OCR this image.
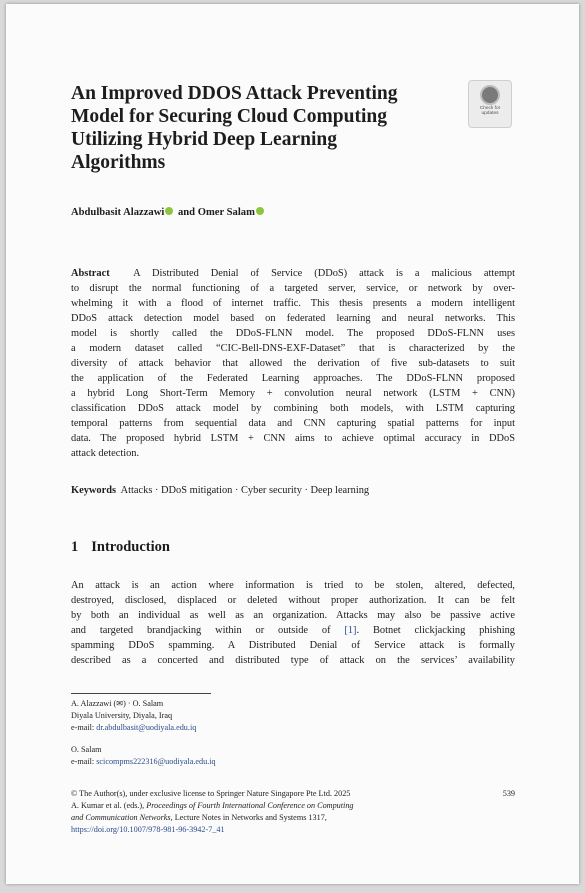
An Improved DDOS Attack Preventing
Model for Securing Cloud Computing
Utilizing Hybrid Deep Learning
Algorithms
Check for
updates
Abdulbasit Alazzawi and Omer Salam
Abstract A Distributed Denial of Service (DDoS) attack is a malicious attempt
to disrupt the normal functioning of a targeted server, service, or network by over-
whelming it with a flood of internet traffic. This thesis presents a modern intelligent
DDoS attack detection model based on federated learning and neural networks. This
model is shortly called the DDoS-FLNN model. The proposed DDoS-FLNN uses
a modern dataset called “CIC-Bell-DNS-EXF-Dataset” that is characterized by the
diversity of attack behavior that allowed the derivation of five sub-datasets to suit
the application of the Federated Learning approaches. The DDoS-FLNN proposed
a hybrid Long Short-Term Memory + convolution neural network (LSTM + CNN)
classification DDoS attack model by combining both models, with LSTM capturing
temporal patterns from sequential data and CNN capturing spatial patterns for input
data. The proposed hybrid LSTM + CNN aims to achieve optimal accuracy in DDoS
attack detection.
Keywords Attacks · DDoS mitigation · Cyber security · Deep learning
1 Introduction
An attack is an action where information is tried to be stolen, altered, defected,
destroyed, disclosed, displaced or deleted without proper authorization. It can be felt
by both an individual as well as an organization. Attacks may also be passive active
and targeted brandjacking within or outside of [1]. Botnet clickjacking phishing
spamming DDoS spamming. A Distributed Denial of Service attack is formally
described as a concerted and distributed type of attack on the services’ availability
A. Alazzawi (✉) · O. Salam
Diyala University, Diyala, Iraq
e-mail: dr.abdulbasit@uodiyala.edu.iq
O. Salam
e-mail: scicompms222316@uodiyala.edu.iq
© The Author(s), under exclusive license to Springer Nature Singapore Pte Ltd. 2025	539
A. Kumar et al. (eds.), Proceedings of Fourth International Conference on Computing
and Communication Networks, Lecture Notes in Networks and Systems 1317,
https://doi.org/10.1007/978-981-96-3942-7_41
